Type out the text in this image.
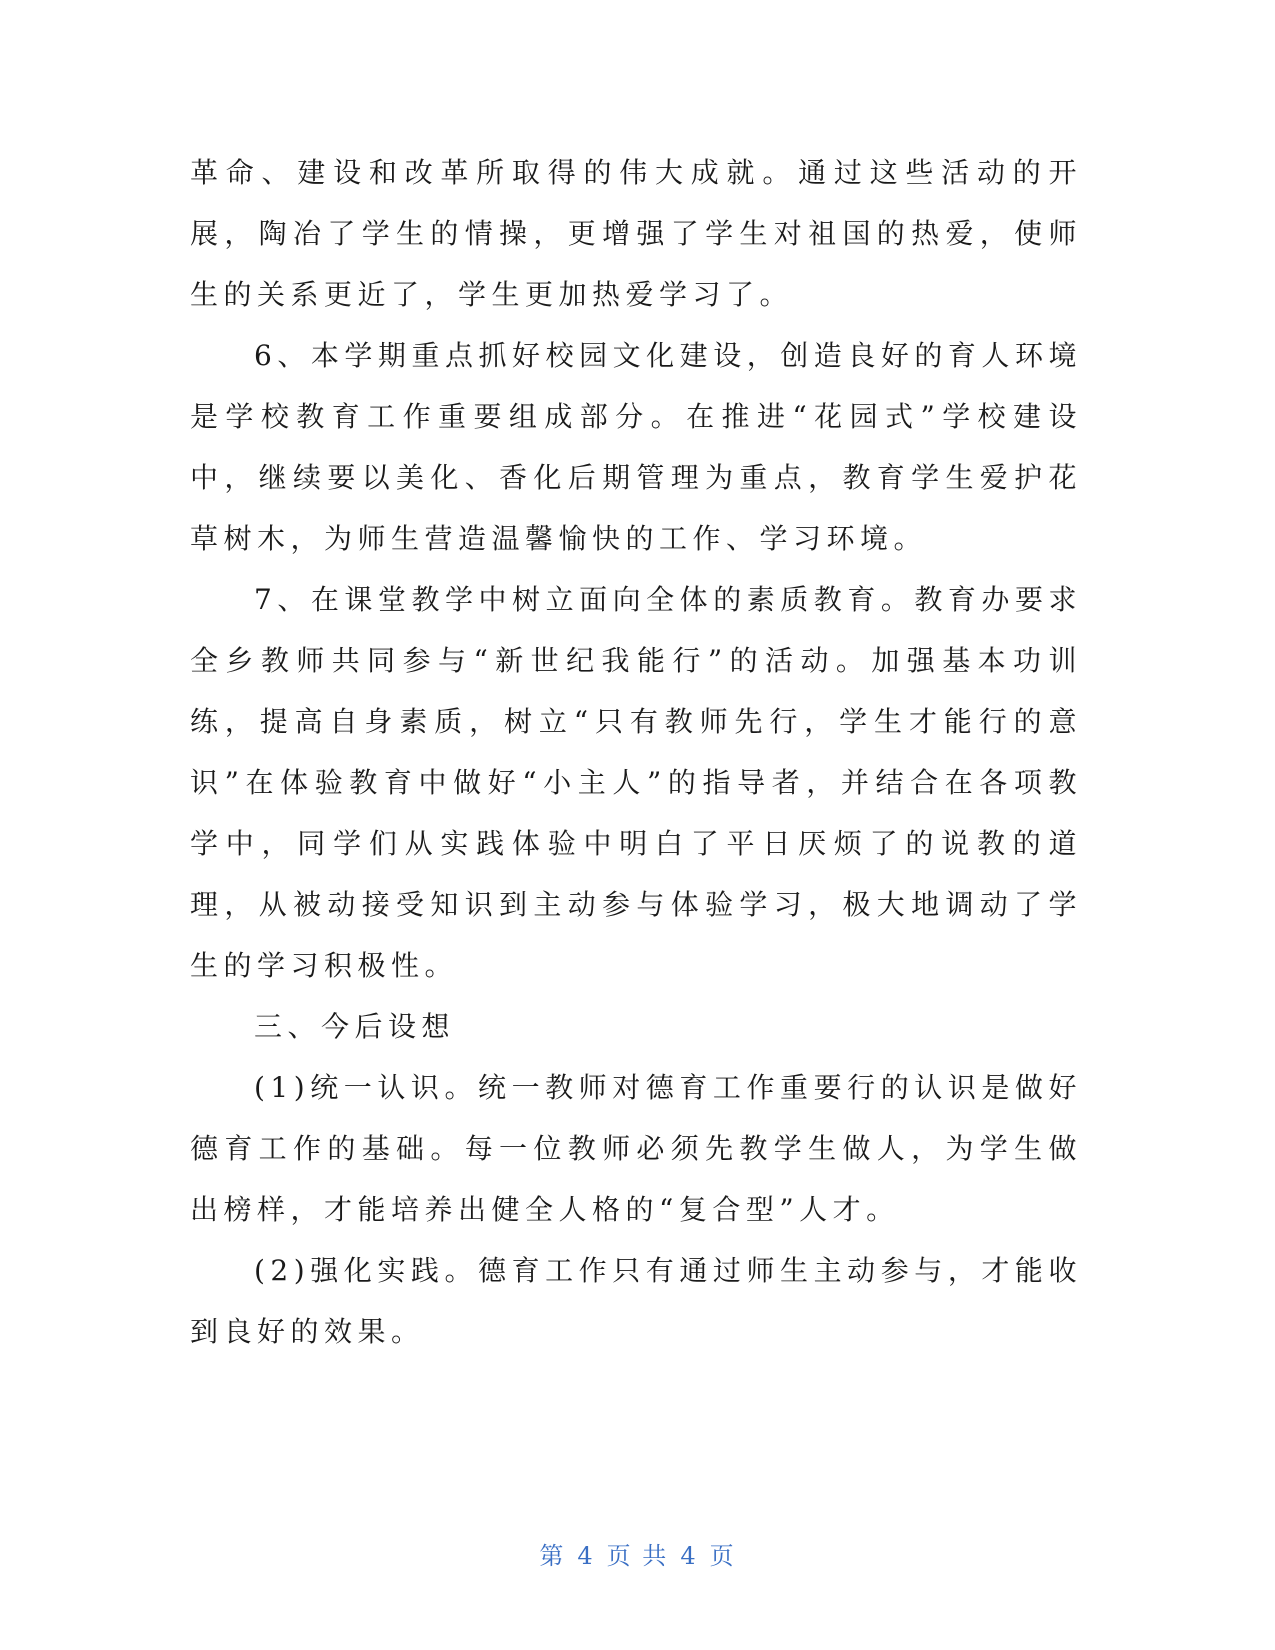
革命、建设和改革所取得的伟大成就。通过这些活动的开展，陶冶了学生的情操，更增强了学生对祖国的热爱，使师生的关系更近了，学生更加热爱学习了。

6、本学期重点抓好校园文化建设，创造良好的育人环境是学校教育工作重要组成部分。在推进“花园式”学校建设中，继续要以美化、香化后期管理为重点，教育学生爱护花草树木，为师生营造温馨愉快的工作、学习环境。

7、在课堂教学中树立面向全体的素质教育。教育办要求全乡教师共同参与“新世纪我能行”的活动。加强基本功训练，提高自身素质，树立“只有教师先行，学生才能行的意识”在体验教育中做好“小主人”的指导者，并结合在各项教学中，同学们从实践体验中明白了平日厌烦了的说教的道理，从被动接受知识到主动参与体验学习，极大地调动了学生的学习积极性。

三、今后设想

(1)统一认识。统一教师对德育工作重要行的认识是做好德育工作的基础。每一位教师必须先教学生做人，为学生做出榜样，才能培养出健全人格的“复合型”人才。

(2)强化实践。德育工作只有通过师生主动参与，才能收到良好的效果。

第 4 页 共 4 页
